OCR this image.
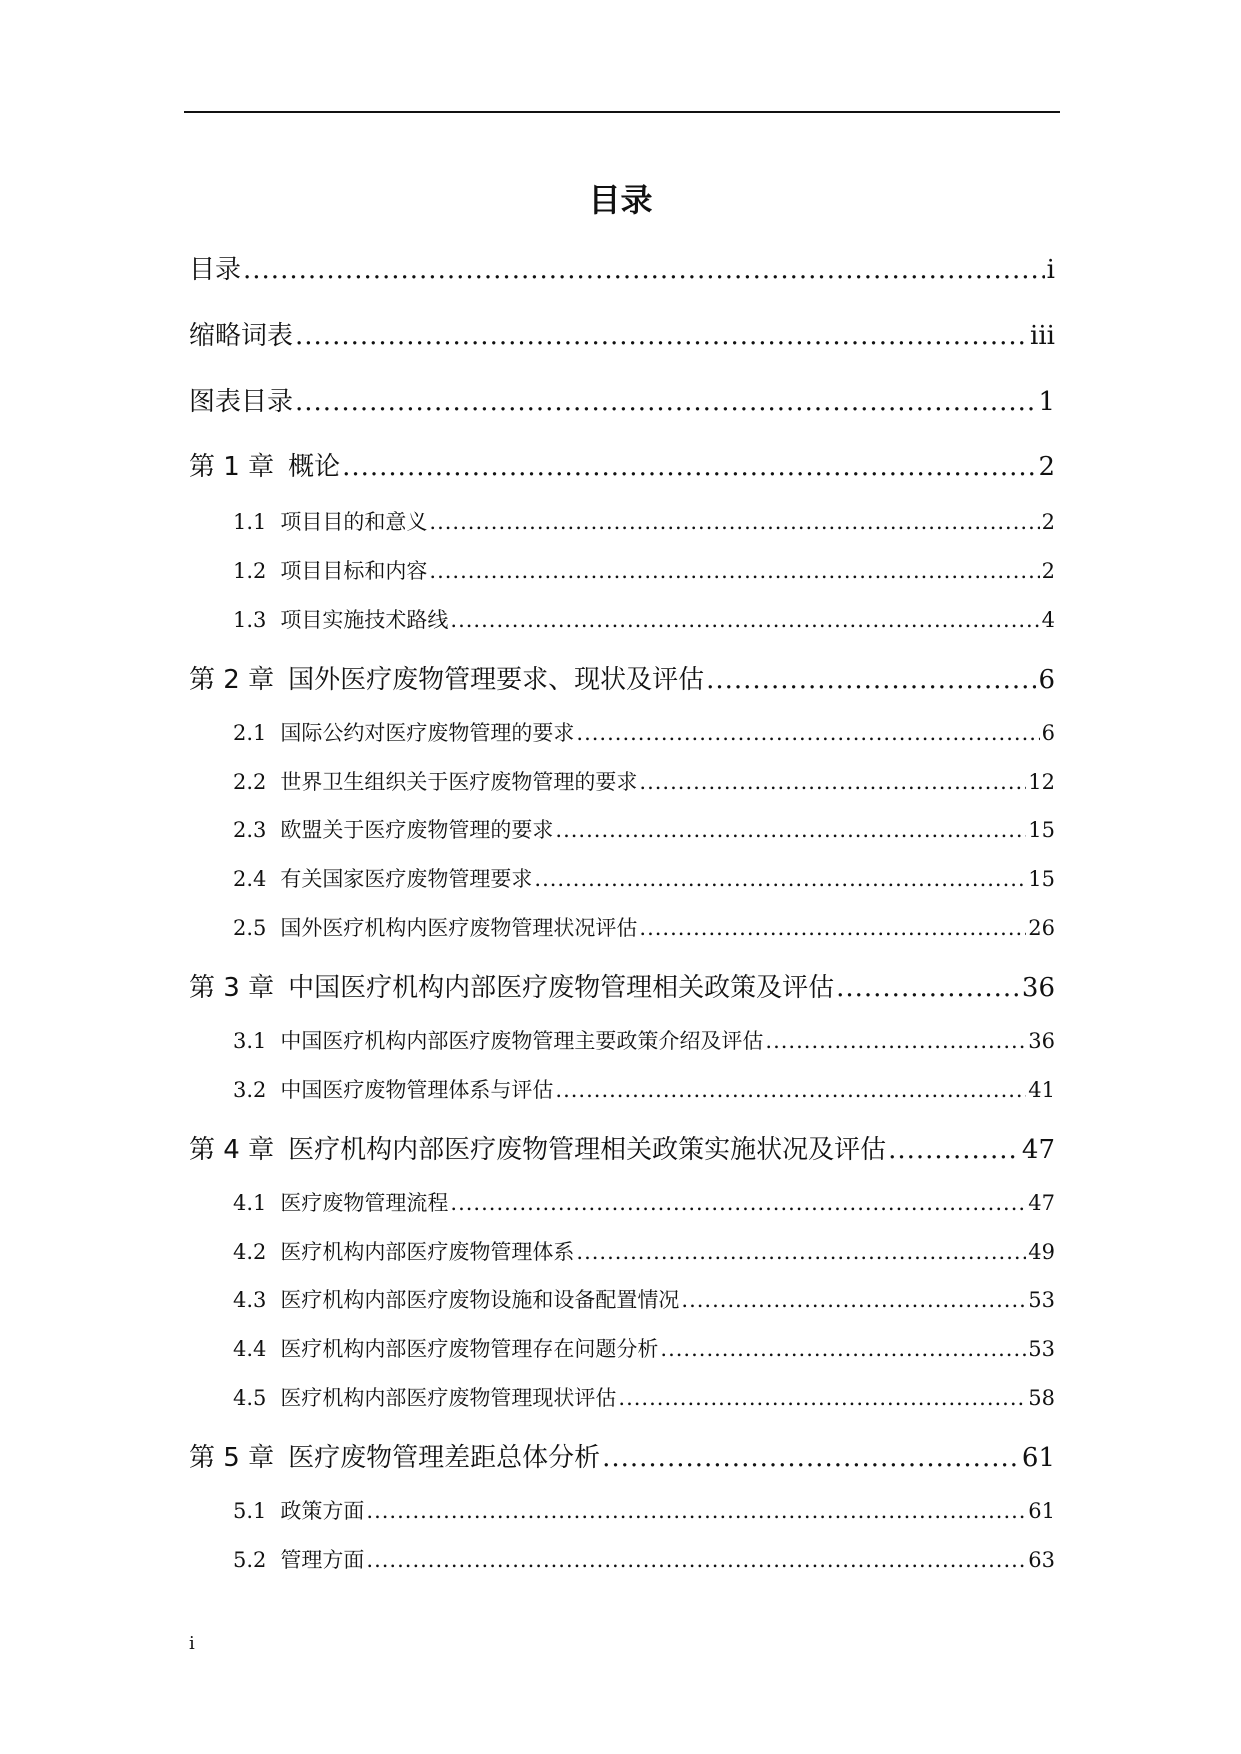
目录
目录 .....	i
缩略词表 .....	iii
图表目录 .....	1
第 1 章 概论 .....	2
1.1 项目目的和意义 .....	2
1.2 项目目标和内容 .....	2
1.3 项目实施技术路线 .....	4
第 2 章 国外医疗废物管理要求、现状及评估 .....	6
2.1 国际公约对医疗废物管理的要求 .....	6
2.2 世界卫生组织关于医疗废物管理的要求 .....	12
2.3 欧盟关于医疗废物管理的要求 .....	15
2.4 有关国家医疗废物管理要求 .....	15
2.5 国外医疗机构内医疗废物管理状况评估 .....	26
第 3 章 中国医疗机构内部医疗废物管理相关政策及评估 .....	36
3.1 中国医疗机构内部医疗废物管理主要政策介绍及评估 .....	36
3.2 中国医疗废物管理体系与评估 .....	41
第 4 章 医疗机构内部医疗废物管理相关政策实施状况及评估 .....	47
4.1 医疗废物管理流程 .....	47
4.2 医疗机构内部医疗废物管理体系 .....	49
4.3 医疗机构内部医疗废物设施和设备配置情况 .....	53
4.4 医疗机构内部医疗废物管理存在问题分析 .....	53
4.5 医疗机构内部医疗废物管理现状评估 .....	58
第 5 章 医疗废物管理差距总体分析 .....	61
5.1 政策方面 .....	61
5.2 管理方面 .....	63
i
